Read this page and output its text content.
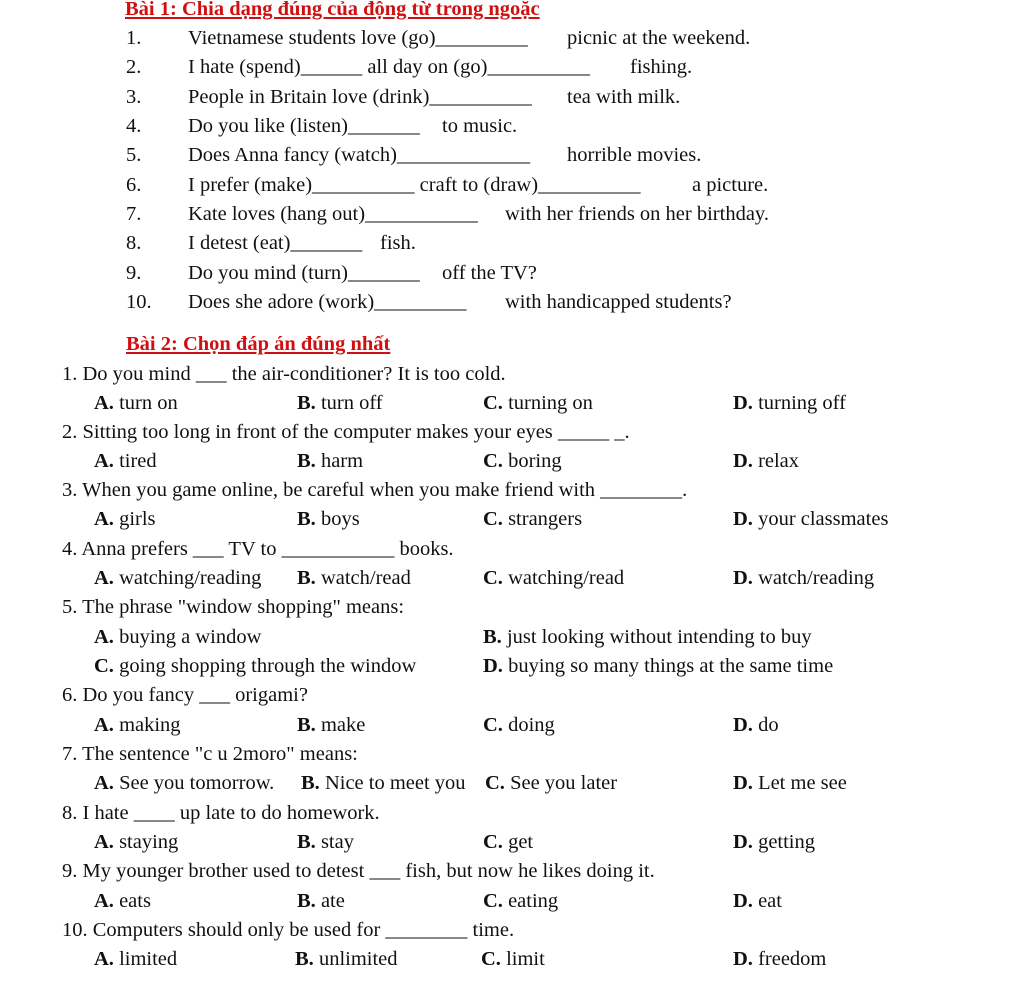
Bài 1: Chia dạng đúng của động từ trong ngoặc
1. Vietnamese students love (go)_________ picnic at the weekend.
2. I hate (spend)______ all day on (go)__________ fishing.
3. People in Britain love (drink)__________ tea with milk.
4. Do you like (listen)_______ to music.
5. Does Anna fancy (watch)_____________ horrible movies.
6. I prefer (make)__________ craft to (draw)__________	a picture.
7. Kate loves (hang out)___________ with her friends on her birthday.
8. I detest (eat)_______ fish.
9. Do you mind (turn)_______ off the TV?
10. Does she adore (work)_________ with handicapped students?
Bài 2: Chọn đáp án đúng nhất
1. Do you mind ___ the air-conditioner? It is too cold.
A. turn on	B. turn off	C. turning on	D. turning off
2. Sitting too long in front of the computer makes your eyes _____ _.
A. tired	B. harm	C. boring	D. relax
3. When you game online, be careful when you make friend with ________.
A. girls	B. boys	C. strangers	D. your classmates
4. Anna prefers ___ TV to ___________ books.
A. watching/reading B. watch/read	C. watching/read	D. watch/reading
5. The phrase "window shopping" means:
A. buying a window	B. just looking without intending to buy
C. going shopping through the window	D. buying so many things at the same time
6. Do you fancy ___ origami?
A. making	B. make	C. doing	D. do
7. The sentence "c u 2moro" means:
A. See you tomorrow. B. Nice to meet you C. See you later	D. Let me see
8. I hate ____ up late to do homework.
A. staying	B. stay	C. get	D. getting
9. My younger brother used to detest ___ fish, but now he likes doing it.
A. eats	B. ate	C. eating	D. eat
10. Computers should only be used for ________ time.
A. limited	B. unlimited	C. limit	D. freedom
